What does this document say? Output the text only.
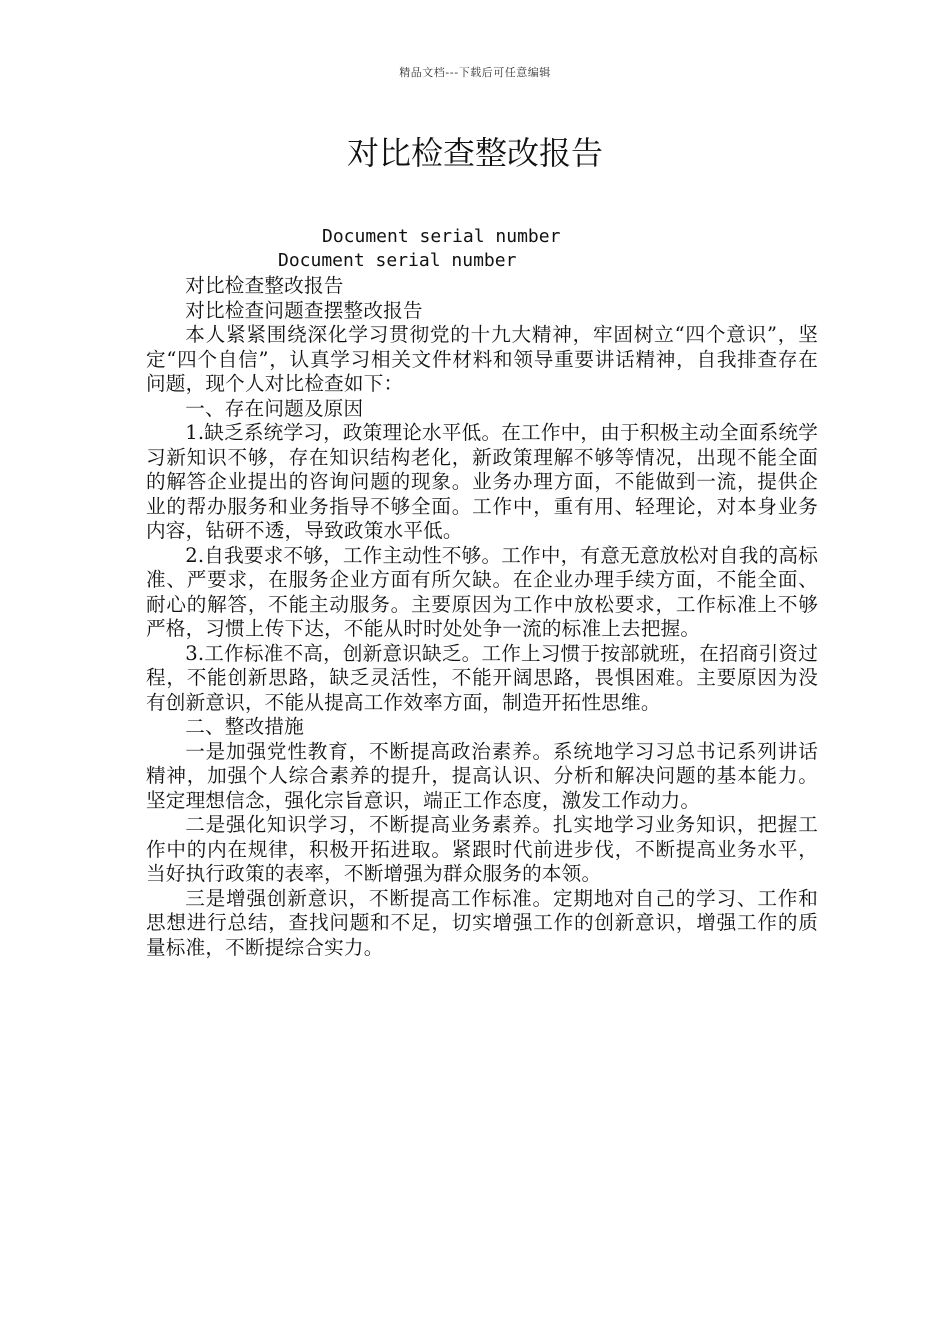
精品文档---下载后可任意编辑
对比检查整改报告
Document serial number
Document serial number

对比检查整改报告

对比检查问题查摆整改报告

本人紧紧围绕深化学习贯彻党的十九大精神，牢固树立“四个意识”，坚定“四个自信”，认真学习相关文件材料和领导重要讲话精神，自我排查存在问题，现个人对比检查如下：

一、存在问题及原因

1.缺乏系统学习，政策理论水平低。在工作中，由于积极主动全面系统学习新知识不够，存在知识结构老化，新政策理解不够等情况，出现不能全面的解答企业提出的咨询问题的现象。业务办理方面，不能做到一流，提供企业的帮办服务和业务指导不够全面。工作中，重有用、轻理论，对本身业务内容，钻研不透，导致政策水平低。

2.自我要求不够，工作主动性不够。工作中，有意无意放松对自我的高标准、严要求，在服务企业方面有所欠缺。在企业办理手续方面，不能全面、耐心的解答，不能主动服务。主要原因为工作中放松要求，工作标准上不够严格，习惯上传下达，不能从时时处处争一流的标准上去把握。

3.工作标准不高，创新意识缺乏。工作上习惯于按部就班，在招商引资过程，不能创新思路，缺乏灵活性，不能开阔思路，畏惧困难。主要原因为没有创新意识，不能从提高工作效率方面，制造开拓性思维。

二、整改措施

一是加强党性教育，不断提高政治素养。系统地学习习总书记系列讲话精神，加强个人综合素养的提升，提高认识、分析和解决问题的基本能力。坚定理想信念，强化宗旨意识，端正工作态度，激发工作动力。

二是强化知识学习，不断提高业务素养。扎实地学习业务知识，把握工作中的内在规律，积极开拓进取。紧跟时代前进步伐，不断提高业务水平，当好执行政策的表率，不断增强为群众服务的本领。

三是增强创新意识，不断提高工作标准。定期地对自己的学习、工作和思想进行总结，查找问题和不足，切实增强工作的创新意识，增强工作的质量标准，不断提综合实力。
